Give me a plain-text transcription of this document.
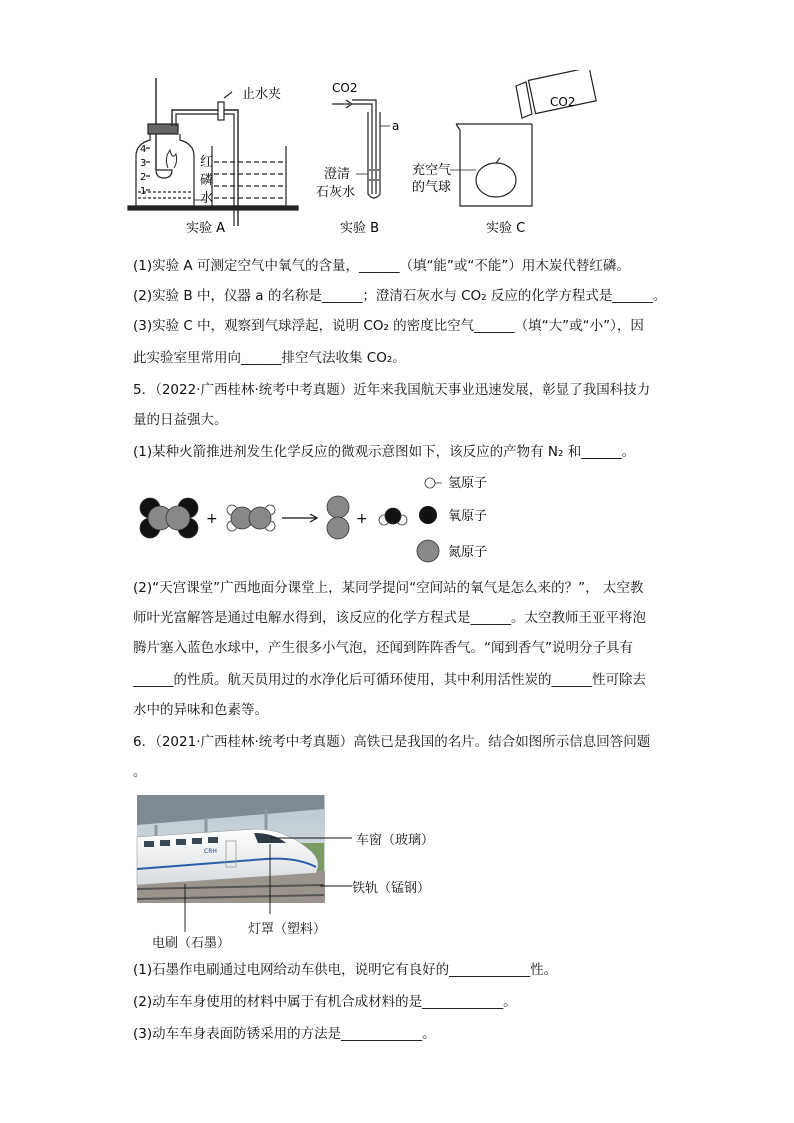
止水夹
红
磷
水
4
3
2
1
CO2
a
澄清
石灰水
CO2
充空气
的气球
实验 A	实验 B	实验 C
(1)实验 A 可测定空气中氧气的含量，______（填“能”或“不能”）用木炭代替红磷。
(2)实验 B 中，仪器 a 的名称是______；澄清石灰水与 CO₂ 反应的化学方程式是______。
(3)实验 C 中，观察到气球浮起，说明 CO₂ 的密度比空气______（填“大”或“小”），因
此实验室里常用向______排空气法收集 CO₂。
5．（2022·广西桂林·统考中考真题）近年来我国航天事业迅速发展，彰显了我国科技力
量的日益强大。
(1)某种火箭推进剂发生化学反应的微观示意图如下，该反应的产物有 N₂ 和______。
+	+
氢原子
氧原子
氮原子
(2)“天宫课堂”广西地面分课堂上，某同学提问“空间站的氧气是怎么来的？”， 太空教
师叶光富解答是通过电解水得到，该反应的化学方程式是______。太空教师王亚平将泡
腾片塞入蓝色水球中，产生很多小气泡，还闻到阵阵香气。“闻到香气”说明分子具有
______的性质。航天员用过的水净化后可循环使用，其中利用活性炭的______性可除去
水中的异味和色素等。
6．（2021·广西桂林·统考中考真题）高铁已是我国的名片。结合如图所示信息回答问题
。
CRH
车窗（玻璃）
铁轨（锰钢）
灯罩（塑料）
电刷（石墨）
(1)石墨作电刷通过电网给动车供电，说明它有良好的____________性。
(2)动车车身使用的材料中属于有机合成材料的是____________。
(3)动车车身表面防锈采用的方法是____________。
